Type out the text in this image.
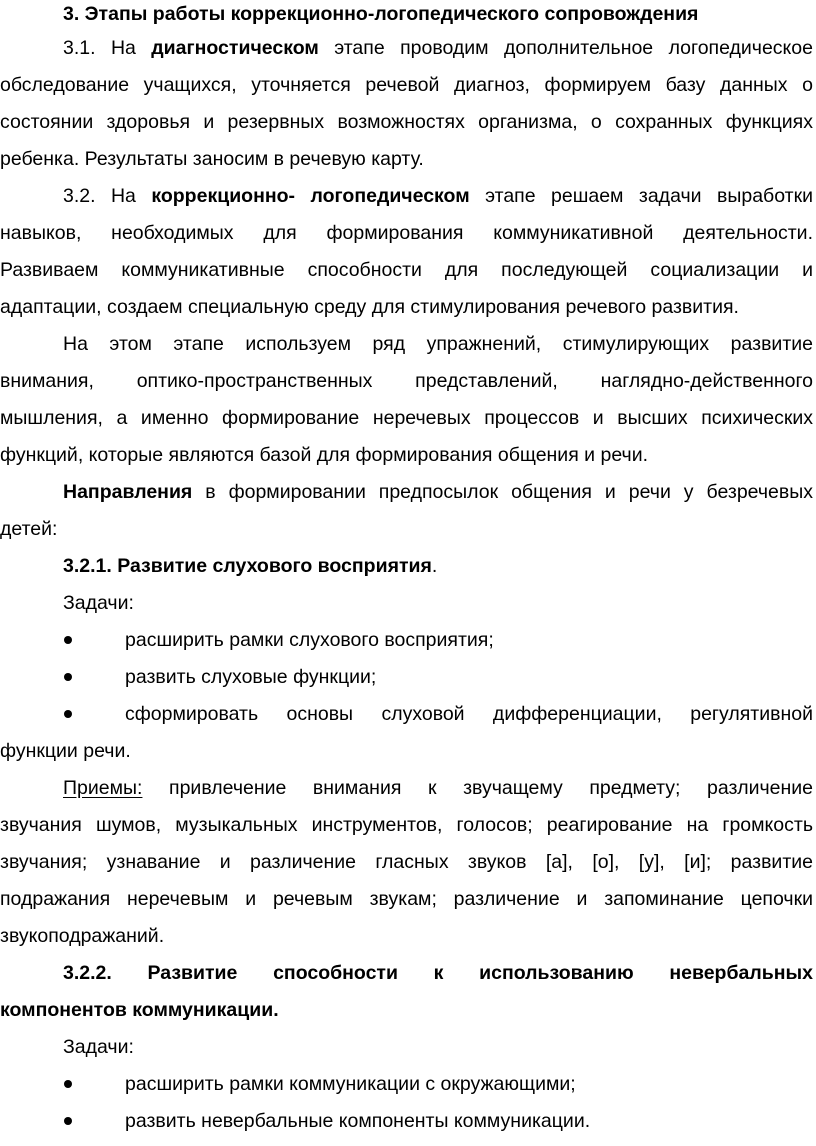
3. Этапы работы коррекционно-логопедического сопровождения
3.1. На диагностическом этапе проводим дополнительное логопедическое
обследование учащихся, уточняется речевой диагноз, формируем базу данных о
состоянии здоровья и резервных возможностях организма, о сохранных функциях
ребенка. Результаты заносим в речевую карту.
3.2. На коррекционно- логопедическом этапе решаем задачи выработки
навыков, необходимых для формирования коммуникативной деятельности.
Развиваем коммуникативные способности для последующей социализации и
адаптации, создаем специальную среду для стимулирования речевого развития.
На этом этапе используем ряд упражнений, стимулирующих развитие
внимания, оптико-пространственных представлений, наглядно-действенного
мышления, а именно формирование неречевых процессов и высших психических
функций, которые являются базой для формирования общения и речи.
Направления в формировании предпосылок общения и речи у безречевых
детей:
3.2.1. Развитие слухового восприятия.
Задачи:
расширить рамки слухового восприятия;
развить слуховые функции;
сформировать основы слуховой дифференциации, регулятивной
функции речи.
Приемы: привлечение внимания к звучащему предмету; различение
звучания шумов, музыкальных инструментов, голосов; реагирование на громкость
звучания; узнавание и различение гласных звуков [а], [о], [у], [и]; развитие
подражания неречевым и речевым звукам; различение и запоминание цепочки
звукоподражаний.
3.2.2. Развитие способности к использованию невербальных
компонентов коммуникации.
Задачи:
расширить рамки коммуникации с окружающими;
развить невербальные компоненты коммуникации.
